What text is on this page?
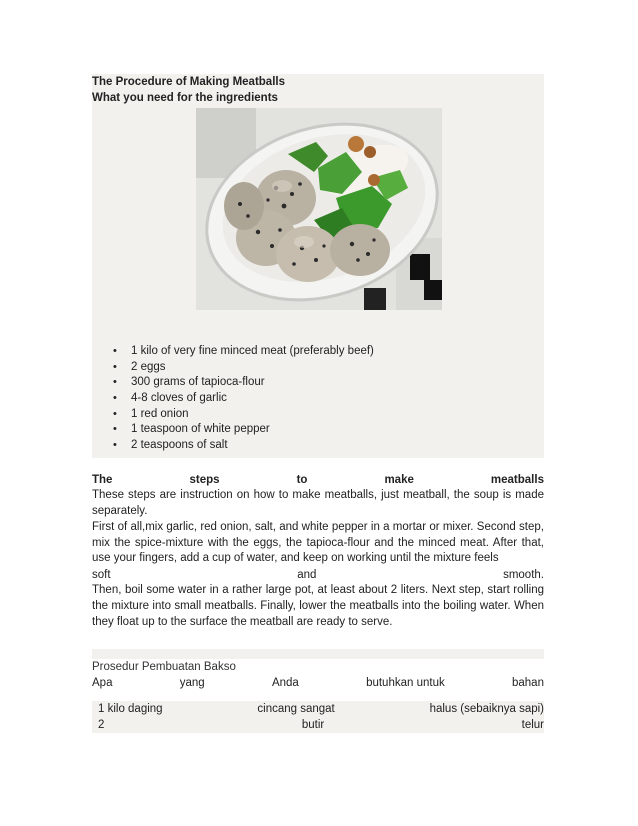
The Procedure of Making Meatballs
What you need for the ingredients
• 1 kilo of very fine minced meat (preferably beef)
• 2 eggs
• 300 grams of tapioca-flour
• 4-8 cloves of garlic
• 1 red onion
• 1 teaspoon of white pepper
• 2 teaspoons of salt
The	steps	to	make	meatballs
These steps are instruction on how to make meatballs, just meatball, the soup is made separately.
First of all,mix garlic, red onion, salt, and white pepper in a mortar or mixer. Second step, mix the spice-mixture with the eggs, the tapioca-flour and the minced meat. After that, use your fingers, add a cup of water, and keep on working until the mixture feels
soft	and	smooth.
Then, boil some water in a rather large pot, at least about 2 liters. Next step, start rolling the mixture into small meatballs. Finally, lower the meatballs into the boiling water. When they float up to the surface the meatball are ready to serve.
Prosedur Pembuatan Bakso
Apa	yang	Anda	butuhkan untuk	bahan
1 kilo daging	cincang sangat	halus (sebaiknya sapi)
2	butir	telur
